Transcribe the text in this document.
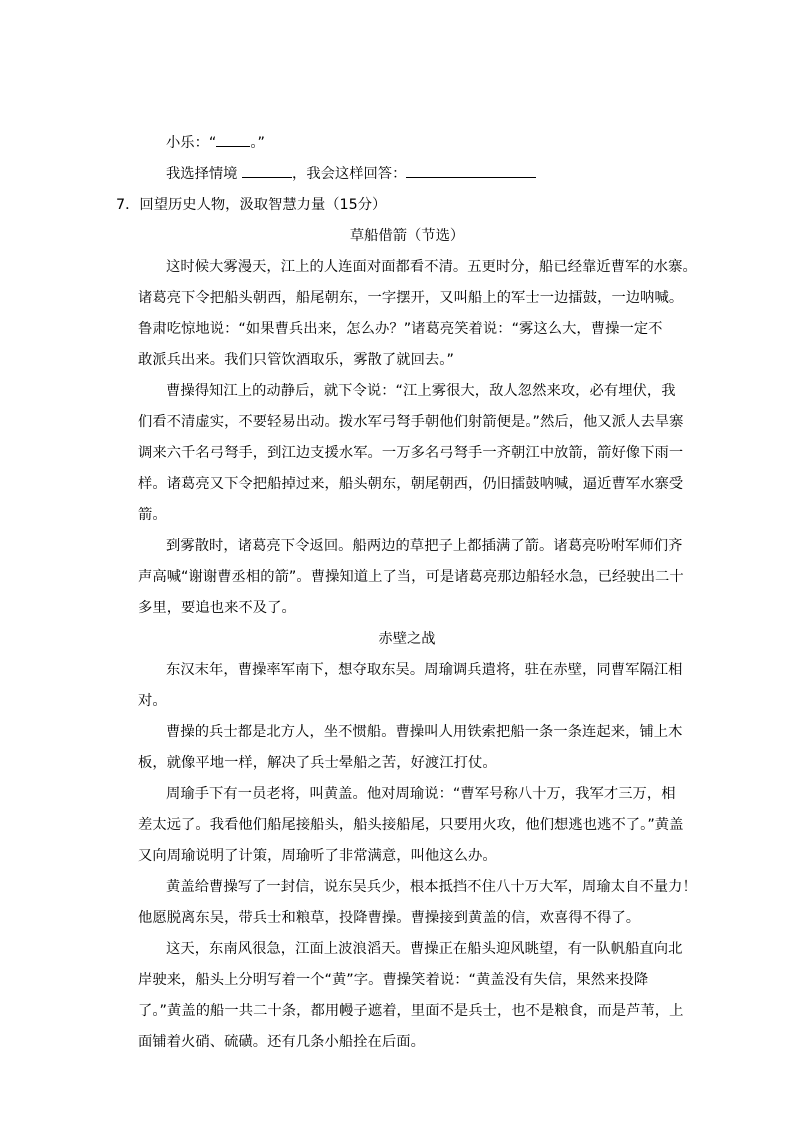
小乐：“ 。”

我选择情境	，我会这样回答：

7．回望历史人物，汲取智慧力量（15分）

草船借箭（节选）

这时候大雾漫天，江上的人连面对面都看不清。五更时分，船已经靠近曹军的水寨。
诸葛亮下令把船头朝西，船尾朝东，一字摆开，又叫船上的军士一边擂鼓，一边呐喊。
鲁肃吃惊地说：“如果曹兵出来，怎么办？”诸葛亮笑着说：“雾这么大，曹操一定不
敢派兵出来。我们只管饮酒取乐，雾散了就回去。”

曹操得知江上的动静后，就下令说：“江上雾很大，敌人忽然来攻，必有埋伏，我
们看不清虚实，不要轻易出动。拨水军弓弩手朝他们射箭便是。”然后，他又派人去旱寨
调来六千名弓弩手，到江边支援水军。一万多名弓弩手一齐朝江中放箭，箭好像下雨一
样。诸葛亮又下令把船掉过来，船头朝东，朝尾朝西，仍旧擂鼓呐喊，逼近曹军水寨受
箭。

到雾散时，诸葛亮下令返回。船两边的草把子上都插满了箭。诸葛亮吩咐军师们齐
声高喊“谢谢曹丞相的箭”。曹操知道上了当，可是诸葛亮那边船轻水急，已经驶出二十
多里，要追也来不及了。

赤壁之战

东汉末年，曹操率军南下，想夺取东吴。周瑜调兵遣将，驻在赤壁，同曹军隔江相
对。

曹操的兵士都是北方人，坐不惯船。曹操叫人用铁索把船一条一条连起来，铺上木
板，就像平地一样，解决了兵士晕船之苦，好渡江打仗。

周瑜手下有一员老将，叫黄盖。他对周瑜说：“曹军号称八十万，我军才三万，相
差太远了。我看他们船尾接船头，船头接船尾，只要用火攻，他们想逃也逃不了。”黄盖
又向周瑜说明了计策，周瑜听了非常满意，叫他这么办。

黄盖给曹操写了一封信，说东吴兵少，根本抵挡不住八十万大军，周瑜太自不量力！
他愿脱离东吴，带兵士和粮草，投降曹操。曹操接到黄盖的信，欢喜得不得了。

这天，东南风很急，江面上波浪滔天。曹操正在船头迎风眺望，有一队帆船直向北
岸驶来，船头上分明写着一个“黄”字。曹操笑着说：“黄盖没有失信，果然来投降
了。”黄盖的船一共二十条，都用幔子遮着，里面不是兵士，也不是粮食，而是芦苇，上
面铺着火硝、硫磺。还有几条小船拴在后面。
